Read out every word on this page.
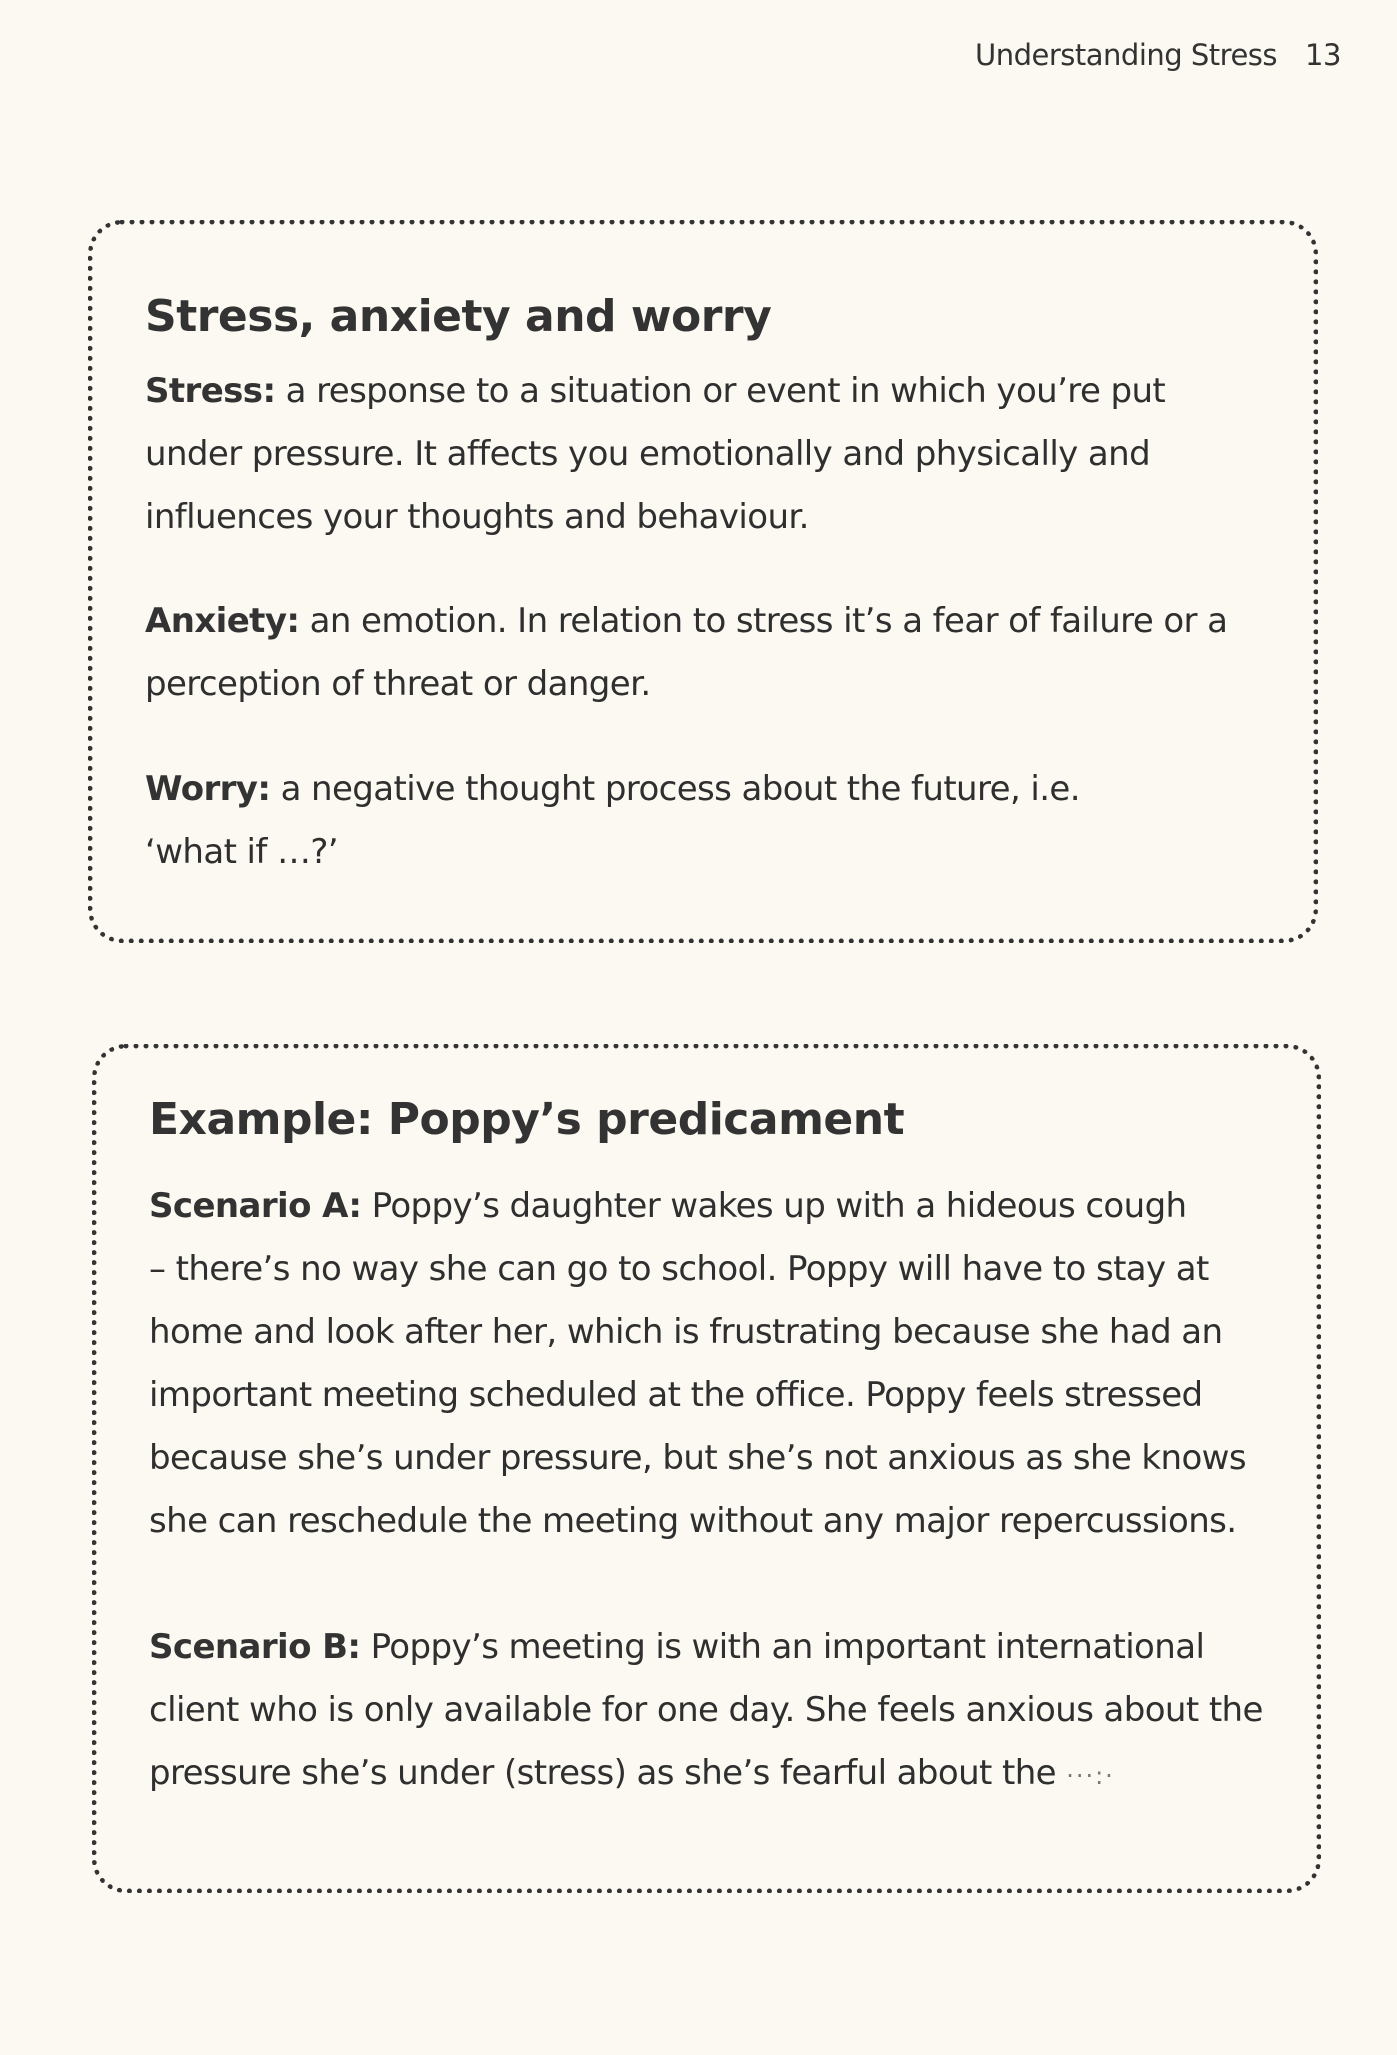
Understanding Stress 13
Stress, anxiety and worry
Stress: a response to a situation or event in which you’re put
under pressure. It affects you emotionally and physically and
influences your thoughts and behaviour.
Anxiety: an emotion. In relation to stress it’s a fear of failure or a
perception of threat or danger.
Worry: a negative thought process about the future, i.e.
‘what if …?’
Example: Poppy’s predicament
Scenario A: Poppy’s daughter wakes up with a hideous cough
– there’s no way she can go to school. Poppy will have to stay at
home and look after her, which is frustrating because she had an
important meeting scheduled at the office. Poppy feels stressed
because she’s under pressure, but she’s not anxious as she knows
she can reschedule the meeting without any major repercussions.
Scenario B: Poppy’s meeting is with an important international
client who is only available for one day. She feels anxious about the
pressure she’s under (stress) as she’s fearful about the ···:·
